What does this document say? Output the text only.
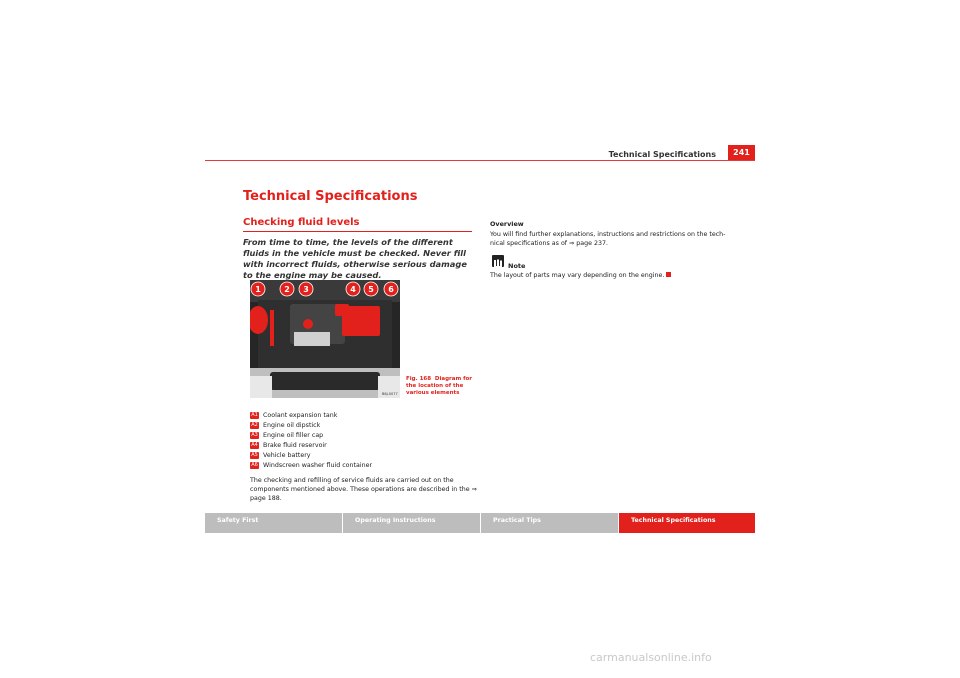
Technical Specifications	241
Technical Specifications
Checking fluid levels
From time to time, the levels of the different fluids in the vehicle must be checked. Never fill with incorrect fluids, otherwise serious damage to the engine may be caused.
B6J-0077
1	2 3	4 5 6
Fig. 168 Diagram for the location of the various elements
A1 Coolant expansion tank
A2 Engine oil dipstick
A3 Engine oil filler cap
A4 Brake fluid reservoir
A5 Vehicle battery
A6 Windscreen washer fluid container
The checking and refilling of service fluids are carried out on the components mentioned above. These operations are described in the ⇒ page 188.
Overview
You will find further explanations, instructions and restrictions on the tech-nical specifications as of ⇒ page 237.
Note
The layout of parts may vary depending on the engine.
Safety First	Operating Instructions	Practical Tips	Technical Specifications
carmanualsonline.info
